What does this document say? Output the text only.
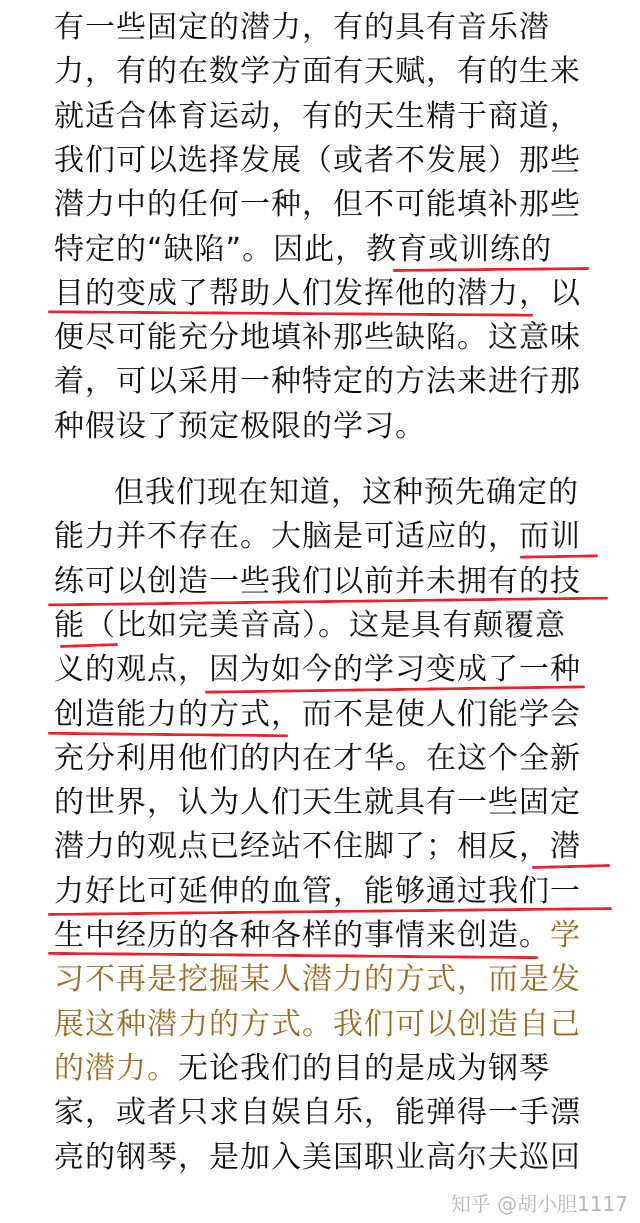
有一些固定的潜力，有的具有音乐潜
力，有的在数学方面有天赋，有的生来
就适合体育运动，有的天生精于商道，
我们可以选择发展（或者不发展）那些
潜力中的任何一种，但不可能填补那些
特定的“缺陷”。因此，教育或训练的
目的变成了帮助人们发挥他的潜力，以
便尽可能充分地填补那些缺陷。这意味
着，可以采用一种特定的方法来进行那
种假设了预定极限的学习。
但我们现在知道，这种预先确定的
能力并不存在。大脑是可适应的，而训
练可以创造一些我们以前并未拥有的技
能（比如完美音高）。这是具有颠覆意
义的观点，因为如今的学习变成了一种
创造能力的方式，而不是使人们能学会
充分利用他们的内在才华。在这个全新
的世界，认为人们天生就具有一些固定
潜力的观点已经站不住脚了；相反，潜
力好比可延伸的血管，能够通过我们一
生中经历的各种各样的事情来创造。学
习不再是挖掘某人潜力的方式，而是发
展这种潜力的方式。我们可以创造自己
的潜力。无论我们的目的是成为钢琴
家，或者只求自娱自乐，能弹得一手漂
亮的钢琴，是加入美国职业高尔夫巡回
知乎 @胡小胆1117
